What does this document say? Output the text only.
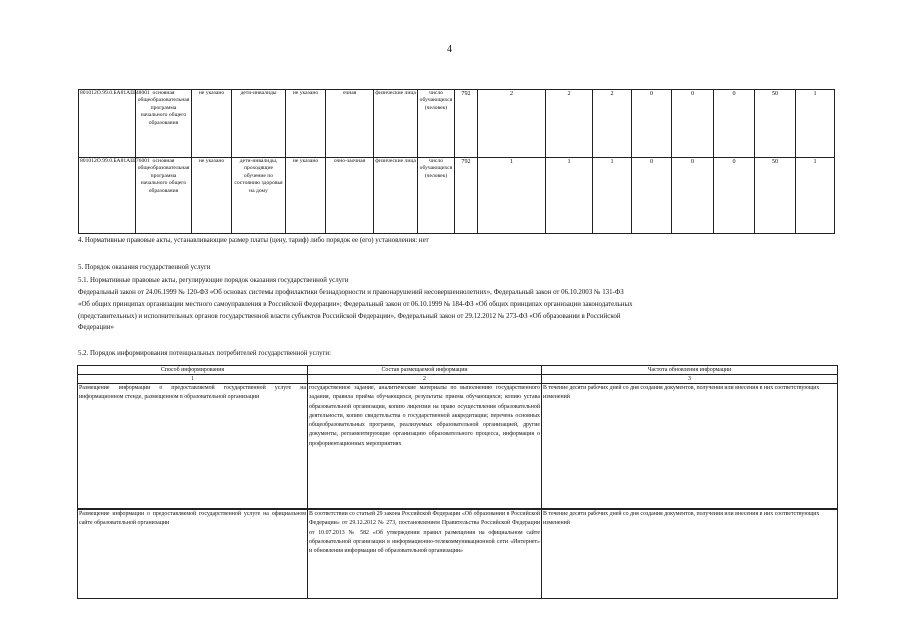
4
801012О.99.0.БА81АЩ48001	основная общеобразовательная программа начального общего образования	не указано	дети-инвалиды	не указано	очная	физические лица	число обучающихся (человек)	792	2	2	2	0	0	0	50	1
801012О.99.0.БА81АЩ76001	основная общеобразовательная программа начального общего образования	не указано	дети-инвалиды, проходящие обучение по состоянию здоровья на дому	не указано	очно-заочная	физические лица	число обучающихся (человек)	792	1	1	1	0	0	0	50	1
4. Нормативные правовые акты, устанавливающие размер платы (цену, тариф) либо порядок ее (его) установления: нет
5. Порядок оказания государственной услуги
5.1. Нормативные правовые акты, регулирующие порядок оказания государственной услуги
Федеральный закон от 24.06.1999 № 120-ФЗ «Об основах системы профилактики безнадзорности и правонарушений несовершеннолетних», Федеральный закон от 06.10.2003 № 131-ФЗ
«Об общих принципах организации местного самоуправления в Российской Федерации»; Федеральный закон от 06.10.1999 № 184-ФЗ «Об общих принципах организации законодательных
(представительных) и исполнительных органов государственной власти субъектов Российской Федерации», Федеральный закон от 29.12.2012 № 273-ФЗ «Об образовании в Российской
Федерации»
5.2. Порядок информирования потенциальных потребителей государственной услуги:
Способ информирования	Состав размещаемой информации	Частота обновления информации
1	2	3
Размещение информации о предоставляемой государственной услуге на информационном стенде, размещенном в образовательной организации	государственное задание, аналитические материалы по выполнению государственного задания, правила приёма обучающихся, результаты приема обучающихся; копию устава образовательной организации, копию лицензии на право осуществления образовательной деятельности, копию свидетельства о государственной аккредитации; перечень основных общеобразовательных программ, реализуемых образовательной организацией, другие документы, регламентирующие организацию образовательного процесса, информация о профориентационных мероприятиях	В течение десяти рабочих дней со дня создания документов, получения или внесения в них соответствующих изменений
Размещение информации о предоставляемой государственной услуге на официальном сайте образовательной организации	В соответствии со статьей 29 закона Российской Федерации «Об образовании в Российской Федерации» от 29.12.2012 № 273, постановлением Правительства Российской Федерации от 10.07.2013 № 582 «Об утверждении правил размещения на официальном сайте образовательной организации в информационно-телекоммуникационной сети «Интернет» и обновления информации об образовательной организации»	В течение десяти рабочих дней со дня создания документов, получения или внесения в них соответствующих изменений
